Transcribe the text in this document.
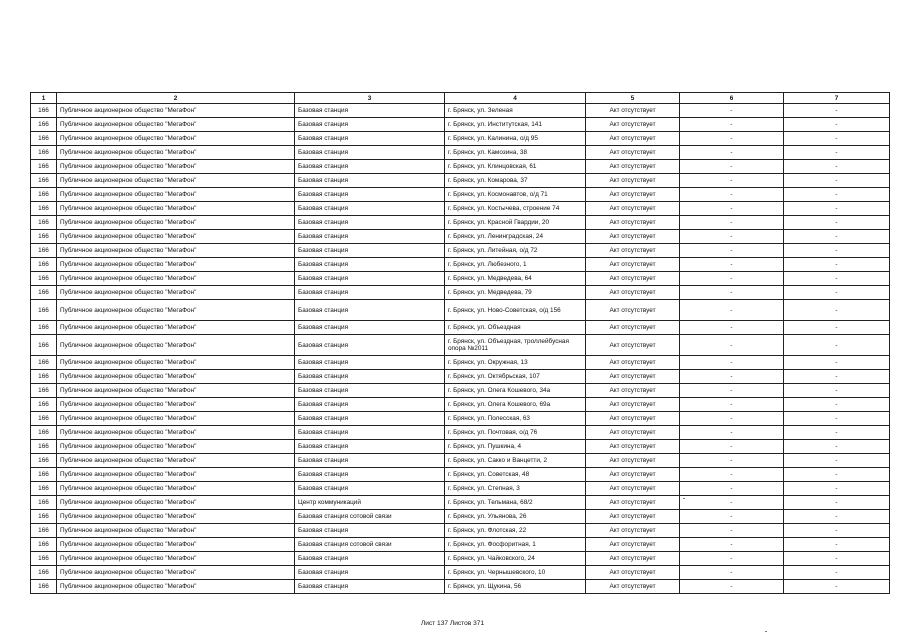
1	2	3	4	5	6	7
166	Публичное акционерное общество "МегаФон"	Базовая станция	г. Брянск, ул. Зеленая	Акт отсутствует	-	-
166	Публичное акционерное общество "МегаФон"	Базовая станция	г. Брянск, ул. Институтская, 141	Акт отсутствует	-	-
166	Публичное акционерное общество "МегаФон"	Базовая станция	г. Брянск, ул. Калинина, о/д 95	Акт отсутствует	-	-
166	Публичное акционерное общество "МегаФон"	Базовая станция	г. Брянск, ул. Камозина, 38	Акт отсутствует	-	-
166	Публичное акционерное общество "МегаФон"	Базовая станция	г. Брянск, ул. Клинцовская, 61	Акт отсутствует	-	-
166	Публичное акционерное общество "МегаФон"	Базовая станция	г. Брянск, ул. Комарова, 37	Акт отсутствует	-	-
166	Публичное акционерное общество "МегаФон"	Базовая станция	г. Брянск, ул. Космонавтов, о/д 71	Акт отсутствует	-	-
166	Публичное акционерное общество "МегаФон"	Базовая станция	г. Брянск, ул. Костычева, строение 74	Акт отсутствует	-	-
166	Публичное акционерное общество "МегаФон"	Базовая станция	г. Брянск, ул. Красной Гвардии, 20	Акт отсутствует	-	-
166	Публичное акционерное общество "МегаФон"	Базовая станция	г. Брянск, ул. Ленинградская, 24	Акт отсутствует	-	-
166	Публичное акционерное общество "МегаФон"	Базовая станция	г. Брянск, ул. Литейная, о/д 72	Акт отсутствует	-	-
166	Публичное акционерное общество "МегаФон"	Базовая станция	г. Брянск, ул. Любезного, 1	Акт отсутствует	-	-
166	Публичное акционерное общество "МегаФон"	Базовая станция	г. Брянск, ул. Медведева, 64	Акт отсутствует	-	-
166	Публичное акционерное общество "МегаФон"	Базовая станция	г. Брянск, ул. Медведева, 79	Акт отсутствует	-	-
166	Публичное акционерное общество "МегаФон"	Базовая станция	г. Брянск, ул. Ново-Советская, о/д 156	Акт отсутствует	-	-
166	Публичное акционерное общество "МегаФон"	Базовая станция	г. Брянск, ул. Объездная	Акт отсутствует	-	-
166	Публичное акционерное общество "МегаФон"	Базовая станция	г. Брянск, ул. Объездная, троллейбусная опора №2011	Акт отсутствует	-	-
166	Публичное акционерное общество "МегаФон"	Базовая станция	г. Брянск, ул. Окружная, 13	Акт отсутствует	-	-
166	Публичное акционерное общество "МегаФон"	Базовая станция	г. Брянск, ул. Октябрьская, 107	Акт отсутствует	-	-
166	Публичное акционерное общество "МегаФон"	Базовая станция	г. Брянск, ул. Олега Кошевого, 34а	Акт отсутствует	-	-
166	Публичное акционерное общество "МегаФон"	Базовая станция	г. Брянск, ул. Олега Кошевого, 69а	Акт отсутствует	-	-
166	Публичное акционерное общество "МегаФон"	Базовая станция	г. Брянск, ул. Полесская, 63	Акт отсутствует	-	-
166	Публичное акционерное общество "МегаФон"	Базовая станция	г. Брянск, ул. Почтовая, о/д 76	Акт отсутствует	-	-
166	Публичное акционерное общество "МегаФон"	Базовая станция	г. Брянск, ул. Пушкина, 4	Акт отсутствует	-	-
166	Публичное акционерное общество "МегаФон"	Базовая станция	г. Брянск, ул. Сакко и Ванцетти, 2	Акт отсутствует	-	-
166	Публичное акционерное общество "МегаФон"	Базовая станция	г. Брянск, ул. Советская, 48	Акт отсутствует	-	-
166	Публичное акционерное общество "МегаФон"	Базовая станция	г. Брянск, ул. Степная, 3	Акт отсутствует	-	-
166	Публичное акционерное общество "МегаФон"	Центр коммуникаций	г. Брянск, ул. Тельмана, 68/2	Акт отсутствует	-	-
166	Публичное акционерное общество "МегаФон"	Базовая станция сотовой связи	г. Брянск, ул. Ульянова, 26	Акт отсутствует	-	-
166	Публичное акционерное общество "МегаФон"	Базовая станция	г. Брянск, ул. Флотская, 22	Акт отсутствует	-	-
166	Публичное акционерное общество "МегаФон"	Базовая станция сотовой связи	г. Брянск, ул. Фосфоритная, 1	Акт отсутствует	-	-
166	Публичное акционерное общество "МегаФон"	Базовая станция	г. Брянск, ул. Чайковского, 24	Акт отсутствует	-	-
166	Публичное акционерное общество "МегаФон"	Базовая станция	г. Брянск, ул. Чернышевского, 10	Акт отсутствует	-	-
166	Публичное акционерное общество "МегаФон"	Базовая станция	г. Брянск, ул. Щукина, 56	Акт отсутствует	-	-
Лист 137 Листов 371
